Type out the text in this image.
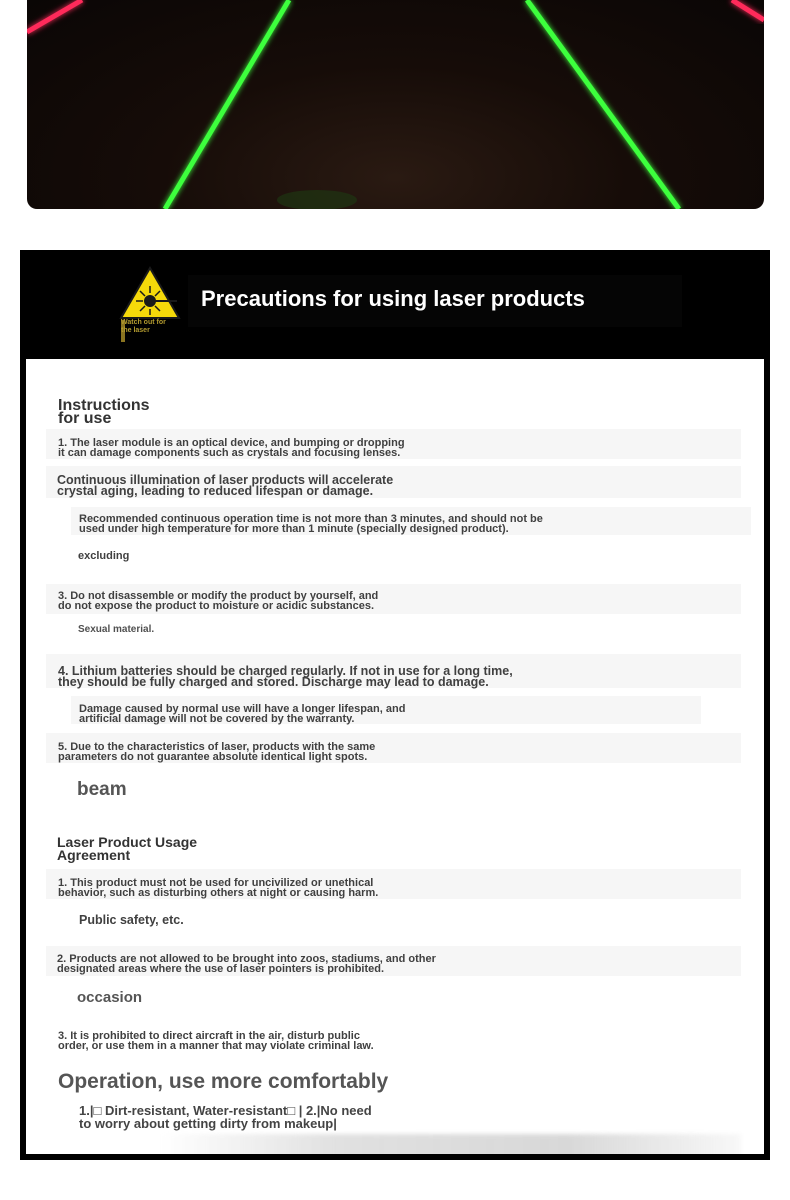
Watch out for
the laser
Precautions for using laser products
Instructions
for use
1. The laser module is an optical device, and bumping or dropping
it can damage components such as crystals and focusing lenses.
Continuous illumination of laser products will accelerate
crystal aging, leading to reduced lifespan or damage.
Recommended continuous operation time is not more than 3 minutes, and should not be
used under high temperature for more than 1 minute (specially designed product).
excluding
3. Do not disassemble or modify the product by yourself, and
do not expose the product to moisture or acidic substances.
Sexual material.
4. Lithium batteries should be charged regularly. If not in use for a long time,
they should be fully charged and stored. Discharge may lead to damage.
Damage caused by normal use will have a longer lifespan, and
artificial damage will not be covered by the warranty.
5. Due to the characteristics of laser, products with the same
parameters do not guarantee absolute identical light spots.
beam
Laser Product Usage
Agreement
1. This product must not be used for uncivilized or unethical
behavior, such as disturbing others at night or causing harm.
Public safety, etc.
2. Products are not allowed to be brought into zoos, stadiums, and other
designated areas where the use of laser pointers is prohibited.
occasion
3. It is prohibited to direct aircraft in the air, disturb public
order, or use them in a manner that may violate criminal law.
Operation, use more comfortably
1.|□ Dirt-resistant, Water-resistant□ | 2.|No need
to worry about getting dirty from makeup|
